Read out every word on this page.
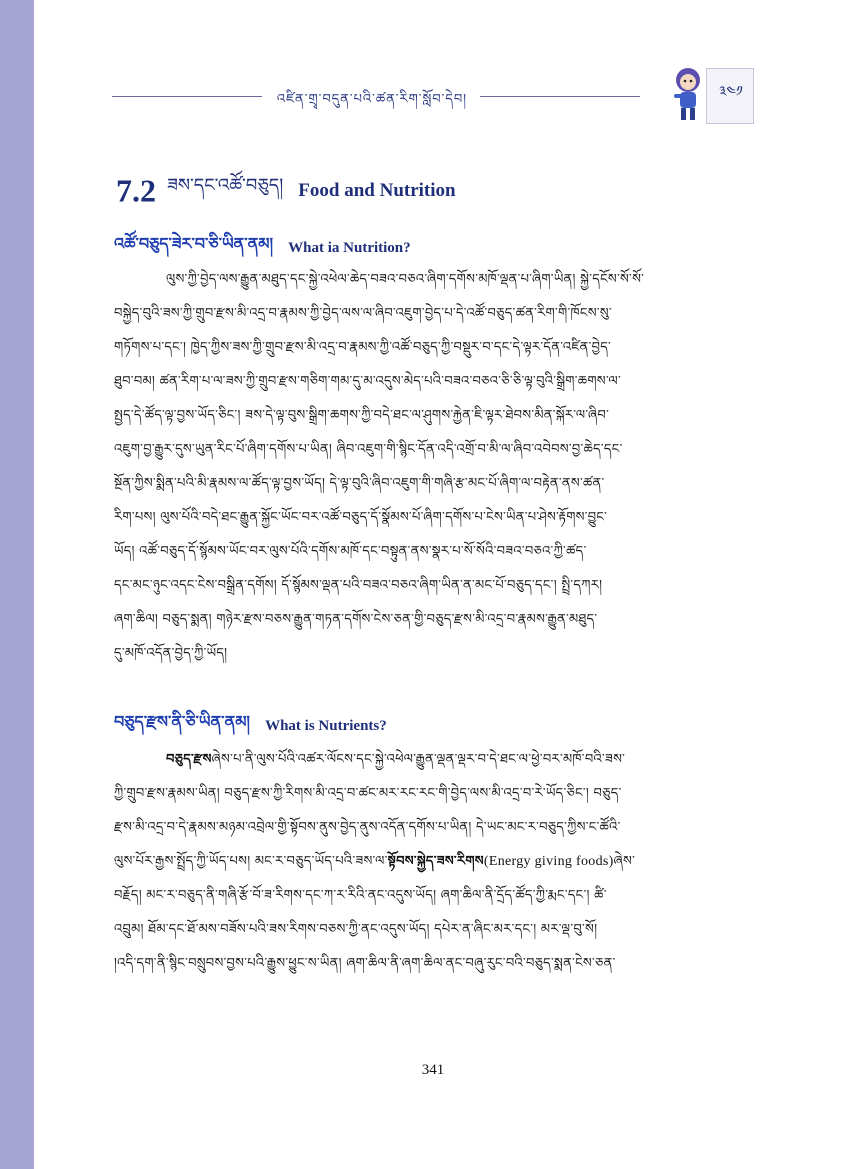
འཛིན་གྲྭ་བདུན་པའི་ཚན་རིག་སློབ་དེབ།	༣༤༡
7.2 ཟས་དང་འཚོ་བཅུད། Food and Nutrition
འཚོ་བཅུད་ཟེར་བ་ཅི་ཡིན་ནམ། What ia Nutrition?
ལུས་ཀྱི་བྱེད་ལས་རྒྱུན་མཐུད་དང་སྐྱེ་འཕེལ་ཆེད་བཟའ་བཅའ་ཞིག་དགོས་མཁོ་ལྡན་པ་ཞིག་ཡིན། སྐྱེ་དངོས་སོ་སོ་
བསྐྱེད་བུའི་ཟས་ཀྱི་གྲུབ་རྫས་མི་འདྲ་བ་རྣམས་ཀྱི་བྱེད་ལས་ལ་ཞིབ་འཇུག་བྱེད་པ་དེ་འཚོ་བཅུད་ཚན་རིག་གི་ཁོངས་སུ་
གཏོགས་པ་དང་། ཁྱེད་ཀྱིས་ཟས་ཀྱི་གྲུབ་རྫས་མི་འདྲ་བ་རྣམས་ཀྱི་འཚོ་བཅུད་ཀྱི་བསྡུར་བ་དང་དེ་ལྟར་དོན་འཛིན་བྱེད་
ཐུབ་བམ། ཚན་རིག་པ་ལ་ཟས་ཀྱི་གྲུབ་རྫས་གཅིག་གམ་དུ་མ་འདུས་མེད་པའི་བཟའ་བཅའ་ཅི་ཅི་ལྟ་བུའི་སྒྲིག་ཆགས་ལ་
སྤྱད་དེ་ཚོད་ལྟ་བྱས་ཡོད་ཅིང་། ཟས་དེ་ལྟ་བུས་སྒྲིག་ཆགས་ཀྱི་བདེ་ཐང་ལ་ཤུགས་རྐྱེན་ཇི་ལྟར་ཐེབས་མིན་སྐོར་ལ་ཞིབ་
འཇུག་བྱ་རྒྱུར་དུས་ཡུན་རིང་པོ་ཞིག་དགོས་པ་ཡིན། ཞིབ་འཇུག་གི་སྙིང་དོན་འདི་འགྲོ་བ་མི་ལ་ཞིབ་འབེབས་བྱ་ཆེད་དང་
སྔོན་ཀྱིས་སྨིན་པའི་མི་རྣམས་ལ་ཚོད་ལྟ་བྱས་ཡོད། དེ་ལྟ་བུའི་ཞིབ་འཇུག་གི་གཞི་རྩ་མང་པོ་ཞིག་ལ་བརྟེན་ནས་ཚན་
རིག་པས། ལུས་པོའི་བདེ་ཐང་རྒྱུན་སྐྱོང་ཡོང་བར་འཚོ་བཅུད་དོ་སྣོམས་པོ་ཞིག་དགོས་པ་ངེས་ཡིན་པ་ཤེས་རྟོགས་བྱུང་
ཡོད། འཚོ་བཅུད་དོ་སྙོམས་ཡོང་བར་ལུས་པོའི་དགོས་མཁོ་དང་བསྟུན་ནས་སྣར་པ་སོ་སོའི་བཟའ་བཅའ་ཀྱི་ཚད་
དང་མང་ཉུང་འདང་ངེས་བསྒྲིན་དགོས། དོ་སྙོམས་ལྡན་པའི་བཟའ་བཅའ་ཞིག་ཡིན་ན་མང་པོ་བཅུད་དང་། སྤྲི་དཀར།
ཞག་ཆིལ། བཅུད་སྨན། གཉེར་རྫས་བཅས་རྒྱུན་གཏན་དགོས་ངེས་ཅན་གྱི་བཅུད་རྫས་མི་འདྲ་བ་རྣམས་རྒྱུན་མཐུད་
དུ་མཁོ་འདོན་བྱེད་ཀྱི་ཡོད།
བཅུད་རྫས་ནི་ཅི་ཡིན་ནམ། What is Nutrients?
བཅུད་རྫསཞེས་པ་ནི་ལུས་པོའི་འཚར་ལོངས་དང་སྐྱེ་འཕེལ་རྒྱུན་ལྡན་ལྡར་བ་དེ་ཐང་ལ་ཕྱེ་བར་མཁོ་བའི་ཟས་
ཀྱི་གྲུབ་རྫས་རྣམས་ཡིན། བཅུད་རྫས་ཀྱི་རིགས་མི་འདྲ་བ་ཚང་མར་རང་རང་གི་བྱེད་ལས་མི་འདྲ་བ་རེ་ཡོད་ཅིང་། བཅུད་
རྫས་མི་འདྲ་བ་དེ་རྣམས་མཉམ་འབྲེལ་གྱི་སྟོབས་ནུས་བྱེད་ནུས་འདོན་དགོས་པ་ཡིན། དེ་ཡང་མང་ར་བཅུད་ཀྱིས་ང་ཚོའི་
ལུས་པོར་རྒྱས་སྤྲོད་ཀྱི་ཡོད་པས། མང་ར་བཅུད་ཡོད་པའི་ཟས་ལ་སྟོབས་སྐྱེད་ཟས་རིགས(Energy giving foods)ཞེས་
བརྗོད། མང་ར་བཅུད་ནི་གཞི་རྩོ་བོ་ཟ་རིགས་དང་ཀ་ར་རིའི་ནང་འདུས་ཡོད། ཞག་ཆིལ་ནི་དྲོད་ཚོད་ཀྱི་རྨང་དང་། ཚི་
འབྲུམ། ཐོམ་དང་ཐོ་མས་བཟོས་པའི་ཟས་རིགས་བཅས་ཀྱི་ནང་འདུས་ཡོད། དཔེར་ན་ཞིང་མར་དང་། མར་ལྡ་བུ་སོ།
།འདི་དག་ནི་སྙིང་བསྲུབས་བྱས་པའི་རྒྱུས་ཕྱུང་ས་ཡིན། ཞག་ཆིལ་ནི་ཞག་ཆིལ་ནང་བཞུ་རུང་བའི་བཅུད་སྨན་ངེས་ཅན་
341
